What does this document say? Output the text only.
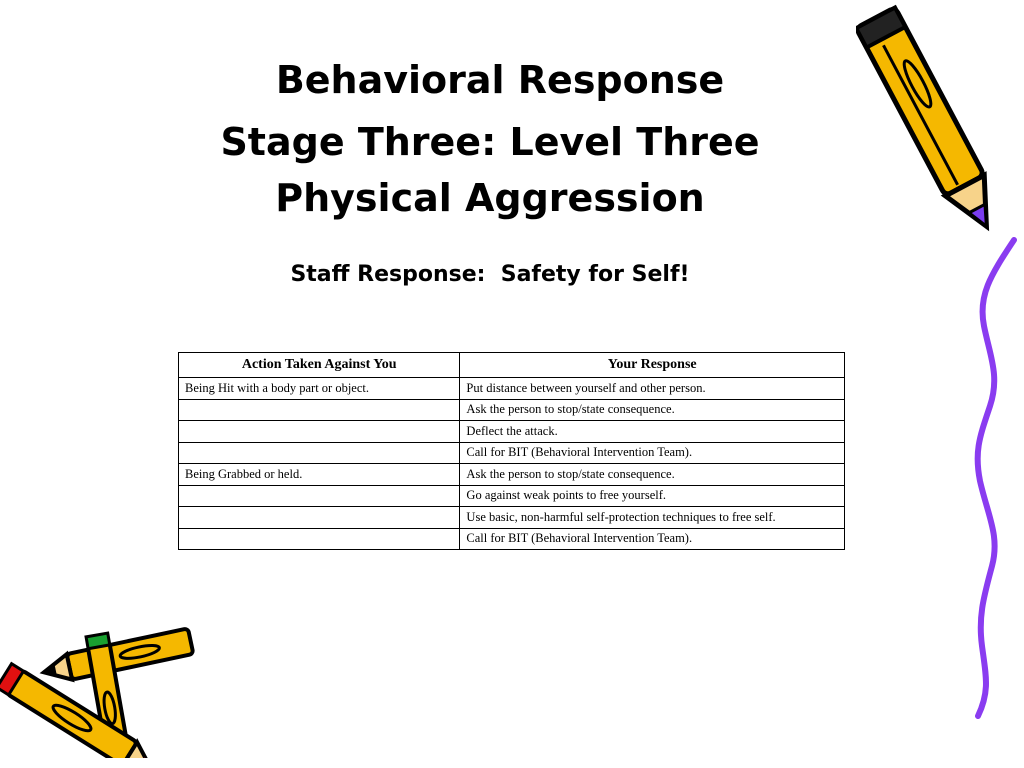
Behavioral Response
Stage Three: Level Three
Physical Aggression
Staff Response:  Safety for Self!
Action Taken Against You	Your Response
Being Hit with a body part or object.	Put distance between yourself and other person.
	Ask the person to stop/state consequence.
	Deflect the attack.
	Call for BIT (Behavioral Intervention Team).
Being Grabbed or held.	Ask the person to stop/state consequence.
	Go against weak points to free yourself.
	Use basic, non-harmful self-protection techniques to free self.
	Call for BIT (Behavioral Intervention Team).
